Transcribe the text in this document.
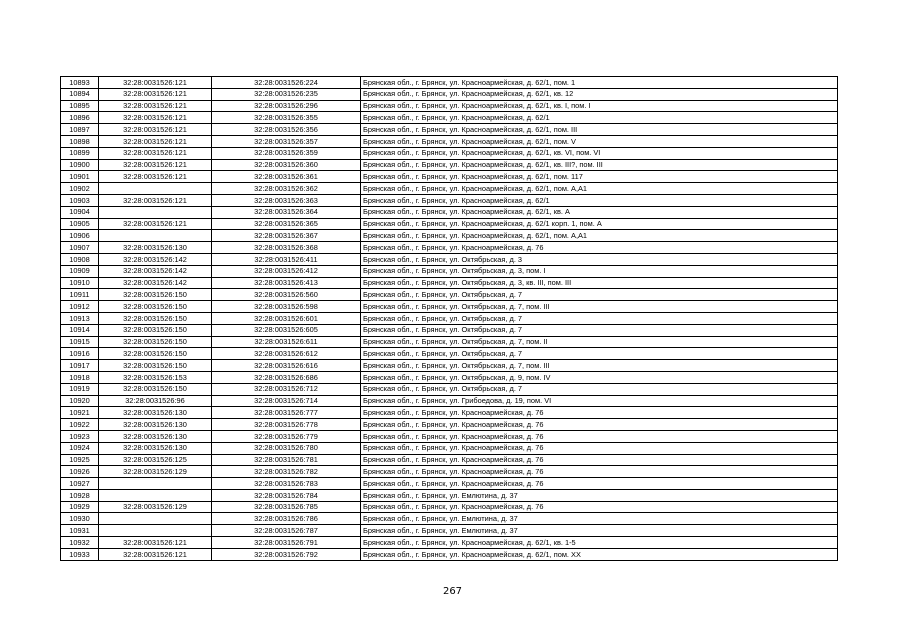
10893	32:28:0031526:121	32:28:0031526:224	Брянская обл., г. Брянск, ул. Красноармейская, д. 62/1, пом. 1
10894	32:28:0031526:121	32:28:0031526:235	Брянская обл., г. Брянск, ул. Красноармейская, д. 62/1, кв. 12
10895	32:28:0031526:121	32:28:0031526:296	Брянская обл., г. Брянск, ул. Красноармейская, д. 62/1, кв. I, пом. I
10896	32:28:0031526:121	32:28:0031526:355	Брянская обл., г. Брянск, ул. Красноармейская, д. 62/1
10897	32:28:0031526:121	32:28:0031526:356	Брянская обл., г. Брянск, ул. Красноармейская, д. 62/1, пом. III
10898	32:28:0031526:121	32:28:0031526:357	Брянская обл., г. Брянск, ул. Красноармейская, д. 62/1, пом. V
10899	32:28:0031526:121	32:28:0031526:359	Брянская обл., г. Брянск, ул. Красноармейская, д. 62/1, кв. VI, пом. VI
10900	32:28:0031526:121	32:28:0031526:360	Брянская обл., г. Брянск, ул. Красноармейская, д. 62/1, кв. III?, пом. III
10901	32:28:0031526:121	32:28:0031526:361	Брянская обл., г. Брянск, ул. Красноармейская, д. 62/1, пом. 117
10902		32:28:0031526:362	Брянская обл., г. Брянск, ул. Красноармейская, д. 62/1, пом. А,А1
10903	32:28:0031526:121	32:28:0031526:363	Брянская обл., г. Брянск, ул. Красноармейская, д. 62/1
10904		32:28:0031526:364	Брянская обл., г. Брянск, ул. Красноармейская, д. 62/1, кв. А
10905	32:28:0031526:121	32:28:0031526:365	Брянская обл., г. Брянск, ул. Красноармейская, д. 62/1 корп. 1, пом. А
10906		32:28:0031526:367	Брянская обл., г. Брянск, ул. Красноармейская, д. 62/1, пом. А,А1
10907	32:28:0031526:130	32:28:0031526:368	Брянская обл., г. Брянск, ул. Красноармейская, д. 76
10908	32:28:0031526:142	32:28:0031526:411	Брянская обл., г. Брянск, ул. Октябрьская, д. 3
10909	32:28:0031526:142	32:28:0031526:412	Брянская обл., г. Брянск, ул. Октябрьская, д. 3, пом. I
10910	32:28:0031526:142	32:28:0031526:413	Брянская обл., г. Брянск, ул. Октябрьская, д. 3, кв. III, пом. III
10911	32:28:0031526:150	32:28:0031526:560	Брянская обл., г. Брянск, ул. Октябрьская, д. 7
10912	32:28:0031526:150	32:28:0031526:598	Брянская обл., г. Брянск, ул. Октябрьская, д. 7, пом. III
10913	32:28:0031526:150	32:28:0031526:601	Брянская обл., г. Брянск, ул. Октябрьская, д. 7
10914	32:28:0031526:150	32:28:0031526:605	Брянская обл., г. Брянск, ул. Октябрьская, д. 7
10915	32:28:0031526:150	32:28:0031526:611	Брянская обл., г. Брянск, ул. Октябрьская, д. 7, пом. II
10916	32:28:0031526:150	32:28:0031526:612	Брянская обл., г. Брянск, ул. Октябрьская, д. 7
10917	32:28:0031526:150	32:28:0031526:616	Брянская обл., г. Брянск, ул. Октябрьская, д. 7, пом. III
10918	32:28:0031526:153	32:28:0031526:686	Брянская обл., г. Брянск, ул. Октябрьская, д. 9, пом. IV
10919	32:28:0031526:150	32:28:0031526:712	Брянская обл., г. Брянск, ул. Октябрьская, д. 7
10920	32:28:0031526:96	32:28:0031526:714	Брянская обл., г. Брянск, ул. Грибоедова, д. 19, пом. VI
10921	32:28:0031526:130	32:28:0031526:777	Брянская обл., г. Брянск, ул. Красноармейская, д. 76
10922	32:28:0031526:130	32:28:0031526:778	Брянская обл., г. Брянск, ул. Красноармейская, д. 76
10923	32:28:0031526:130	32:28:0031526:779	Брянская обл., г. Брянск, ул. Красноармейская, д. 76
10924	32:28:0031526:130	32:28:0031526:780	Брянская обл., г. Брянск, ул. Красноармейская, д. 76
10925	32:28:0031526:125	32:28:0031526:781	Брянская обл., г. Брянск, ул. Красноармейская, д. 76
10926	32:28:0031526:129	32:28:0031526:782	Брянская обл., г. Брянск, ул. Красноармейская, д. 76
10927		32:28:0031526:783	Брянская обл., г. Брянск, ул. Красноармейская, д. 76
10928		32:28:0031526:784	Брянская обл., г. Брянск, ул. Емлютина, д. 37
10929	32:28:0031526:129	32:28:0031526:785	Брянская обл., г. Брянск, ул. Красноармейская, д. 76
10930		32:28:0031526:786	Брянская обл., г. Брянск, ул. Емлютина, д. 37
10931		32:28:0031526:787	Брянская обл., г. Брянск, ул. Емлютина, д. 37
10932	32:28:0031526:121	32:28:0031526:791	Брянская обл., г. Брянск, ул. Красноармейская, д. 62/1, кв. 1-5
10933	32:28:0031526:121	32:28:0031526:792	Брянская обл., г. Брянск, ул. Красноармейская, д. 62/1, пом. XX
267
